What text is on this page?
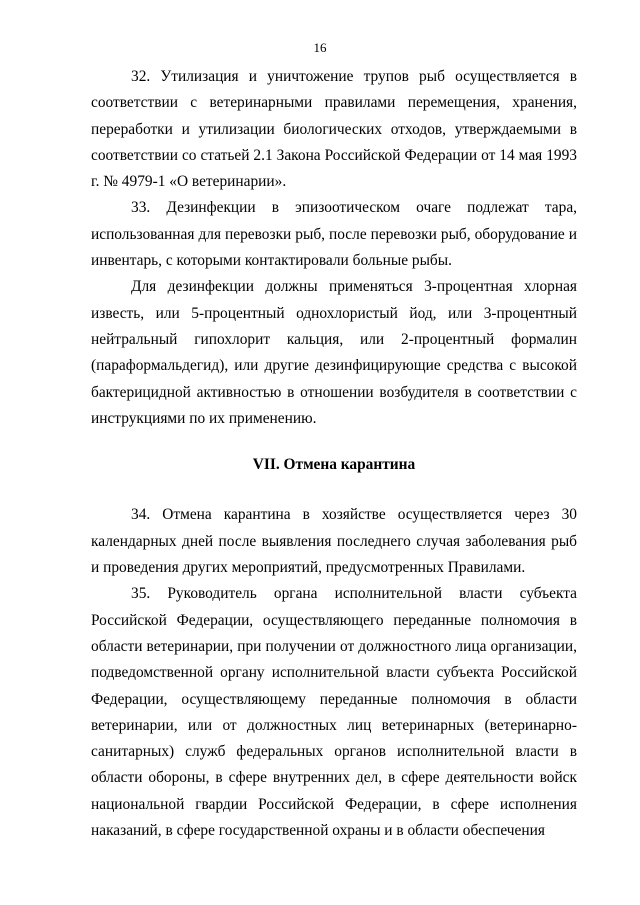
16

32. Утилизация и уничтожение трупов рыб осуществляется в соответствии с ветеринарными правилами перемещения, хранения, переработки и утилизации биологических отходов, утверждаемыми в соответствии со статьей 2.1 Закона Российской Федерации от 14 мая 1993 г. № 4979-1 «О ветеринарии».

33. Дезинфекции в эпизоотическом очаге подлежат тара, использованная для перевозки рыб, после перевозки рыб, оборудование и инвентарь, с которыми контактировали больные рыбы.

Для дезинфекции должны применяться 3-процентная хлорная известь, или 5-процентный однохлористый йод, или 3-процентный нейтральный гипохлорит кальция, или 2-процентный формалин (параформальдегид), или другие дезинфицирующие средства с высокой бактерицидной активностью в отношении возбудителя в соответствии с инструкциями по их применению.

VII. Отмена карантина

34. Отмена карантина в хозяйстве осуществляется через 30 календарных дней после выявления последнего случая заболевания рыб и проведения других мероприятий, предусмотренных Правилами.

35. Руководитель органа исполнительной власти субъекта Российской Федерации, осуществляющего переданные полномочия в области ветеринарии, при получении от должностного лица организации, подведомственной органу исполнительной власти субъекта Российской Федерации, осуществляющему переданные полномочия в области ветеринарии, или от должностных лиц ветеринарных (ветеринарно-санитарных) служб федеральных органов исполнительной власти в области обороны, в сфере внутренних дел, в сфере деятельности войск национальной гвардии Российской Федерации, в сфере исполнения наказаний, в сфере государственной охраны и в области обеспечения
